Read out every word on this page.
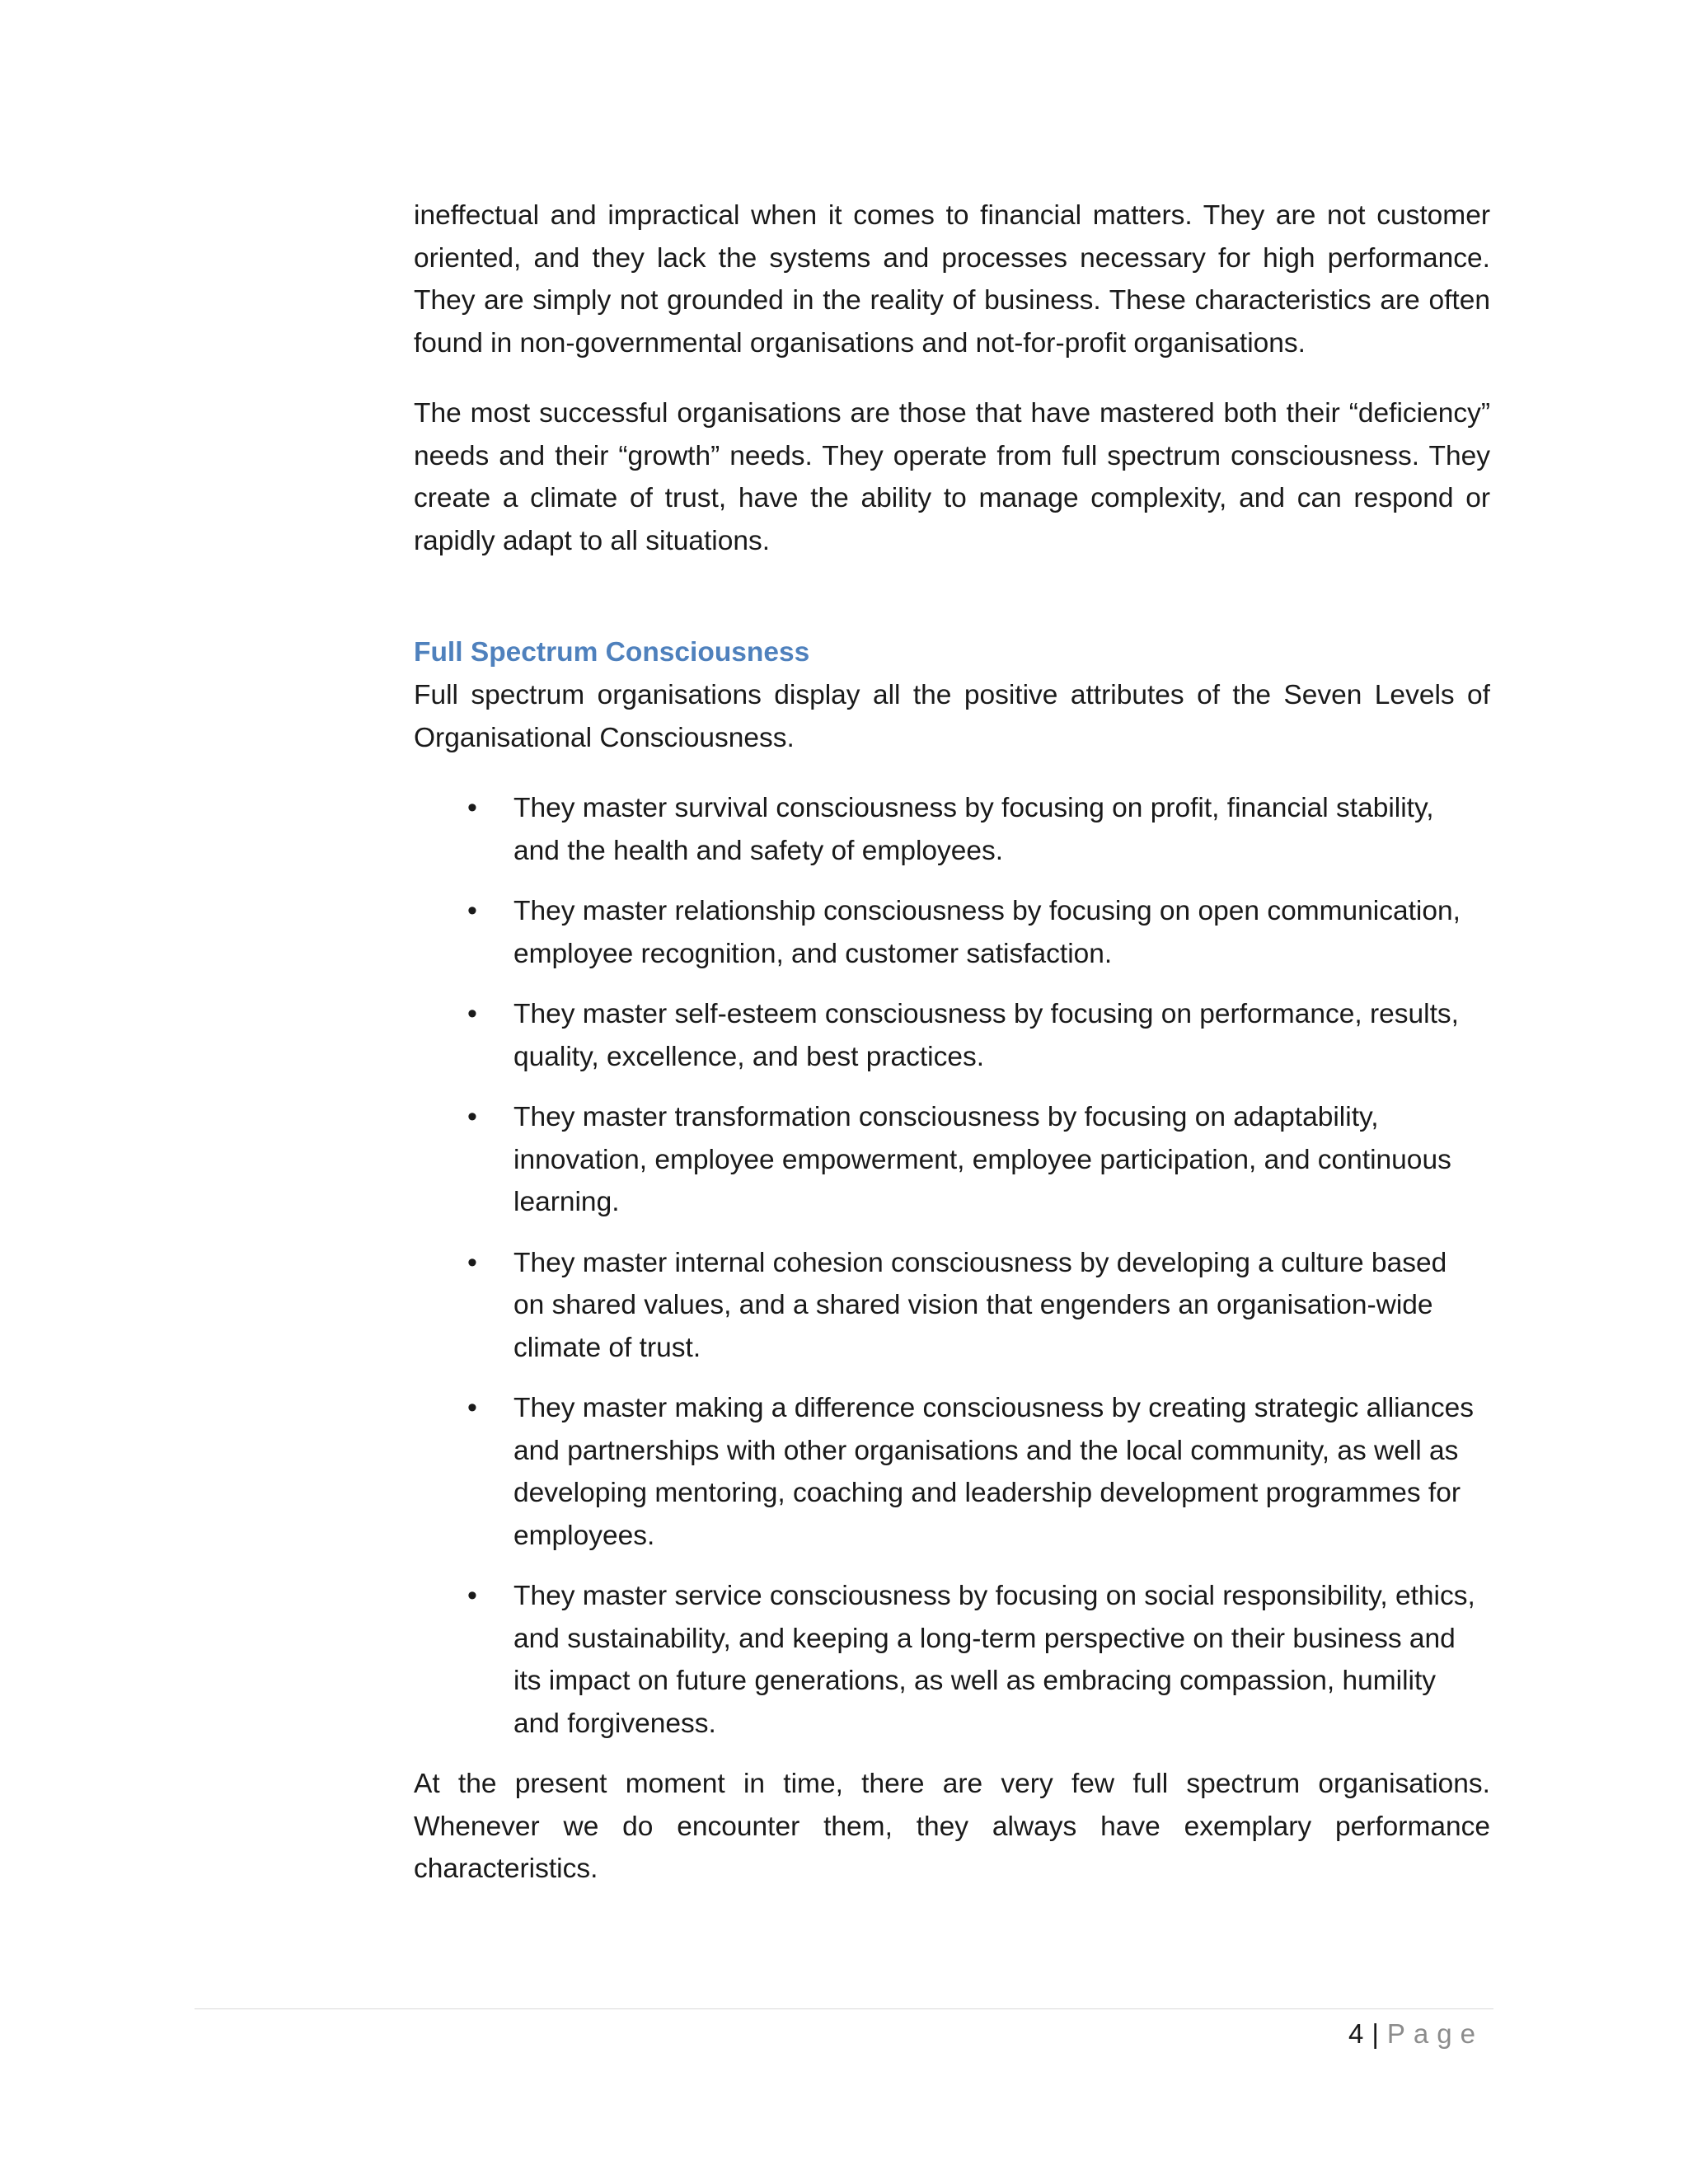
ineffectual and impractical when it comes to financial matters. They are not customer oriented, and they lack the systems and processes necessary for high performance. They are simply not grounded in the reality of business. These characteristics are often found in non-governmental organisations and not-for-profit organisations.

The most successful organisations are those that have mastered both their “deficiency” needs and their “growth” needs. They operate from full spectrum consciousness. They create a climate of trust, have the ability to manage complexity, and can respond or rapidly adapt to all situations.

Full Spectrum Consciousness

Full spectrum organisations display all the positive attributes of the Seven Levels of Organisational Consciousness.

• They master survival consciousness by focusing on profit, financial stability, and the health and safety of employees.
• They master relationship consciousness by focusing on open communication, employee recognition, and customer satisfaction.
• They master self-esteem consciousness by focusing on performance, results, quality, excellence, and best practices.
• They master transformation consciousness by focusing on adaptability, innovation, employee empowerment, employee participation, and continuous learning.
• They master internal cohesion consciousness by developing a culture based on shared values, and a shared vision that engenders an organisation-wide climate of trust.
• They master making a difference consciousness by creating strategic alliances and partnerships with other organisations and the local community, as well as developing mentoring, coaching and leadership development programmes for employees.
• They master service consciousness by focusing on social responsibility, ethics, and sustainability, and keeping a long-term perspective on their business and its impact on future generations, as well as embracing compassion, humility and forgiveness.

At the present moment in time, there are very few full spectrum organisations. Whenever we do encounter them, they always have exemplary performance characteristics.

4 | Page
